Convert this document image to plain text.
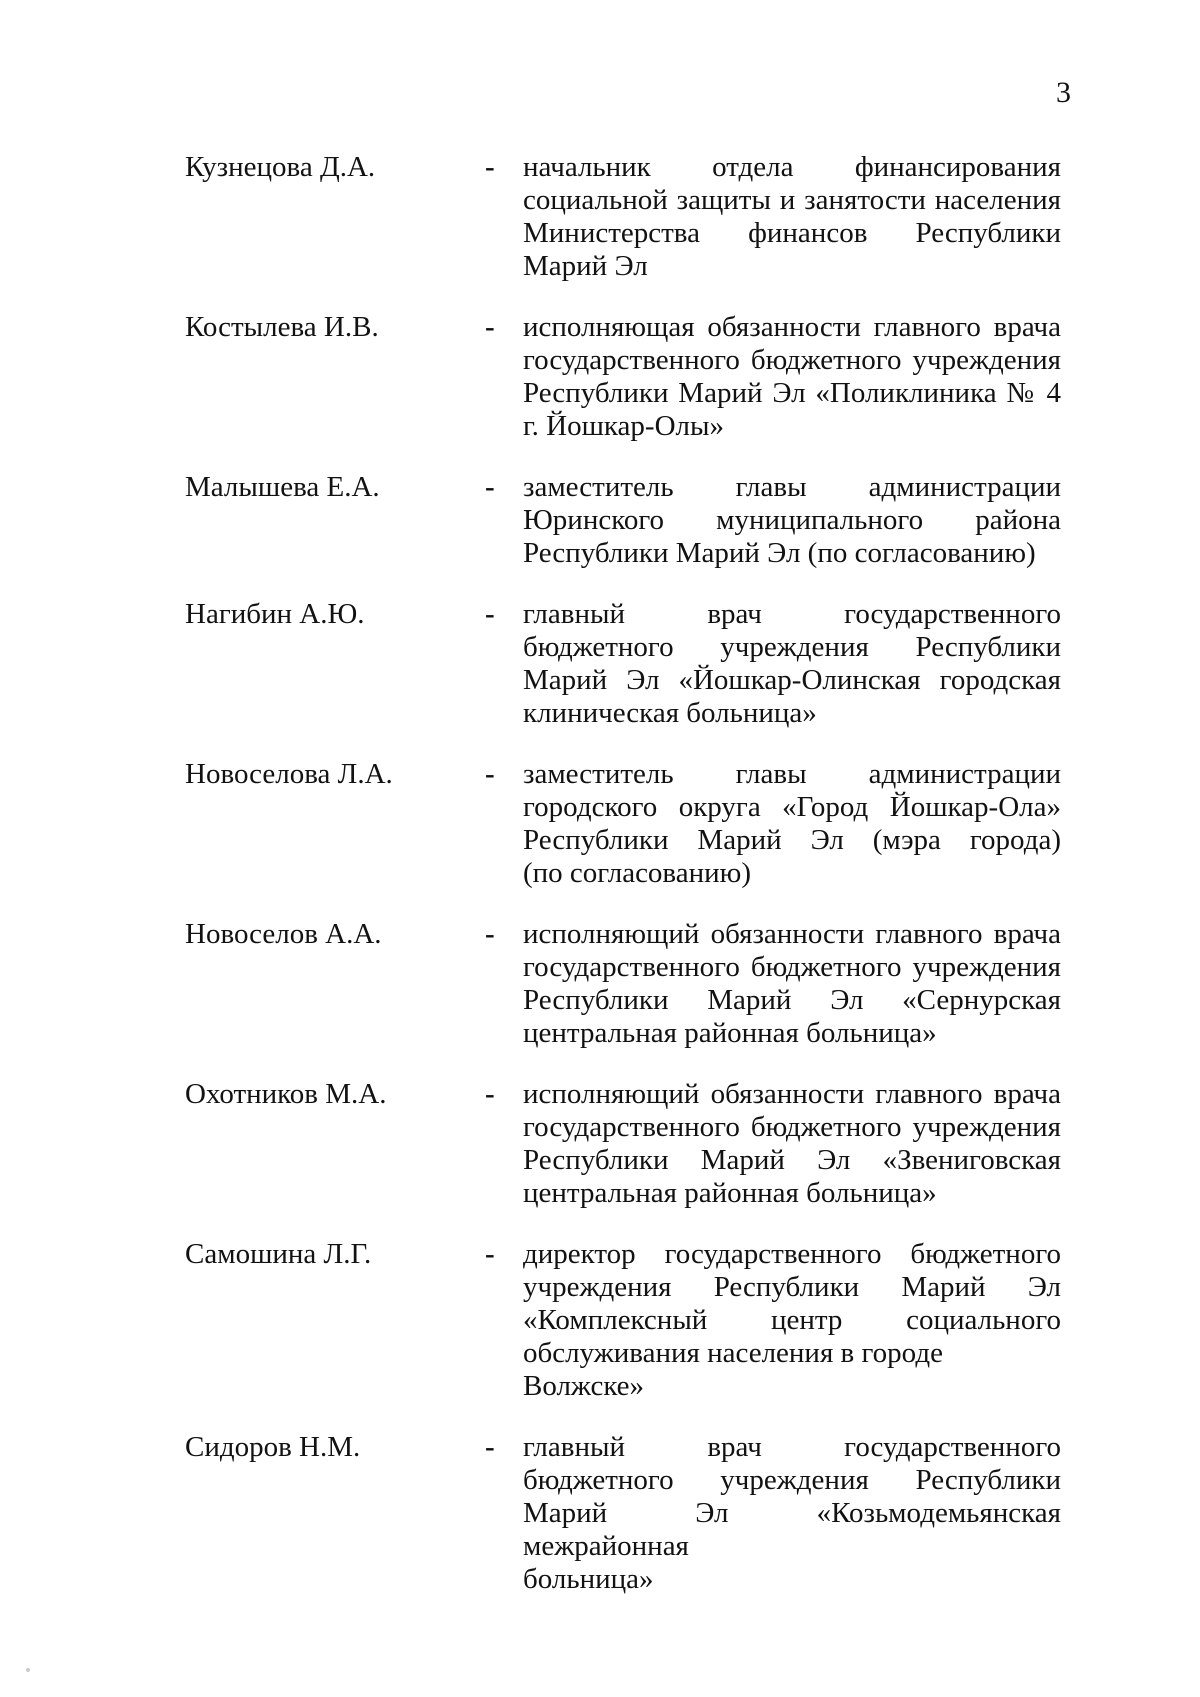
3
Кузнецова Д.А.	- начальник отдела финансирования
социальной защиты и занятости населения
Министерства финансов Республики
Марий Эл
Костылева И.В.	- исполняющая обязанности главного врача
государственного бюджетного учреждения
Республики Марий Эл «Поликлиника № 4
г. Йошкар-Олы»
Малышева Е.А.	- заместитель главы администрации
Юринского муниципального района
Республики Марий Эл (по согласованию)
Нагибин А.Ю.	- главный врач государственного
бюджетного учреждения Республики
Марий Эл «Йошкар-Олинская городская
клиническая больница»
Новоселова Л.А.	- заместитель главы администрации
городского округа «Город Йошкар-Ола»
Республики Марий Эл (мэра города)
(по согласованию)
Новоселов А.А.	- исполняющий обязанности главного врача
государственного бюджетного учреждения
Республики Марий Эл «Сернурская
центральная районная больница»
Охотников М.А.	- исполняющий обязанности главного врача
государственного бюджетного учреждения
Республики Марий Эл «Звениговская
центральная районная больница»
Самошина Л.Г.	- директор государственного бюджетного
учреждения Республики Марий Эл
«Комплексный центр социального
обслуживания населения в городе Волжске»
Сидоров Н.М.	- главный врач государственного
бюджетного учреждения Республики
Марий Эл «Козьмодемьянская межрайонная
больница»
